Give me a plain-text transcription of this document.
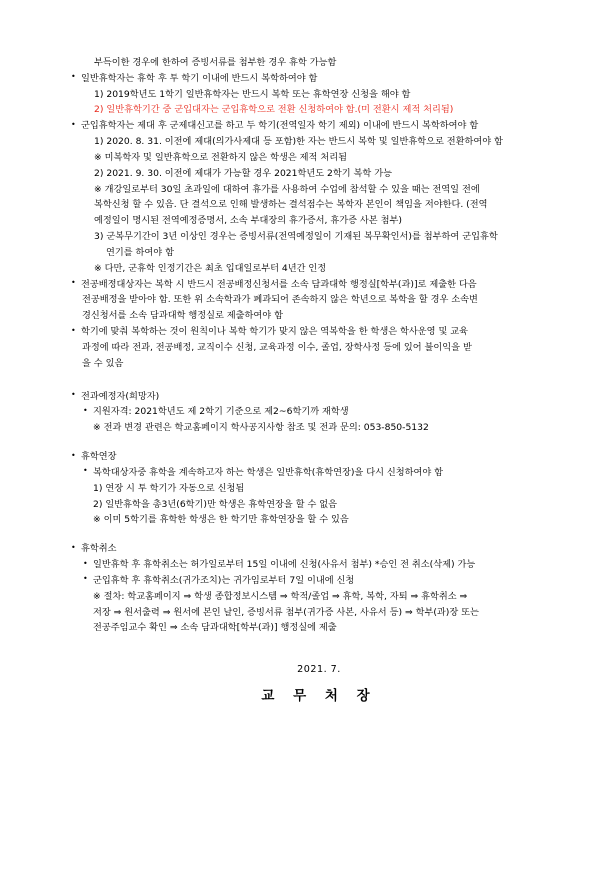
부득이한 경우에 한하여 증빙서류를 첨부한 경우 휴학 가능함
• 일반휴학자는 휴학 후 투 학기 이내에 반드시 복학하여야 함
1) 2019학년도 1학기 일반휴학자는 반드시 복학 또는 휴학연장 신청을 해야 함
2) 일반휴학기간 중 군입대자는 군입휴학으로 전환 신청하여야 함.(미 전환시 제적 처리됨)
• 군입휴학자는 제대 후 군제대신고를 하고 두 학기(전역일자 학기 제외) 이내에 반드시 복학하여야 함
1) 2020. 8. 31. 이전에 제대(의가사제대 등 포함)한 자는 반드시 복학 및 일반휴학으로 전환하여야 함
※ 미복학자 및 일반휴학으로 전환하지 않은 학생은 제적 처리됨
2) 2021. 9. 30. 이전에 제대가 가능할 경우 2021학년도 2학기 복학 가능
※ 개강일로부터 30일 초과일에 대하여 휴가를 사용하여 수업에 참석할 수 있을 때는 전역일 전에
복학신청 할 수 있음. 단 결석으로 인해 발생하는 결석점수는 복학자 본인이 책임을 저야한다. (전역
예정일이 명시된 전역예정증명서, 소속 부대장의 휴가증서, 휴가증 사본 첨부)
3) 군복무기간이 3년 이상인 경우는 증빙서류(전역예정일이 기재된 복무확인서)를 첨부하여 군입휴학
연기를 하여야 함
※ 다만, 군휴학 인정기간은 최초 입대일로부터 4년간 인정
• 전공배정대상자는 복학 시 반드시 전공배정신청서를 소속 담과대학 행정실[학부(과)]로 제출한 다음
전공배정을 받아야 함. 또한 위 소속학과가 폐과되어 존속하지 않은 학년으로 복학을 할 경우 소속변
경신청서를 소속 담과대학 행정실로 제출하여야 함
• 학기에 맞춰 복학하는 것이 원칙이나 복학 학기가 맞지 않은 역복학을 한 학생은 학사운영 및 교육
과정에 따라 전과, 전공배정, 교직이수 신청, 교육과정 이수, 졸업, 장학사정 등에 있어 불이익을 받
을 수 있음
• 전과예정자(희망자)
• 지원자격: 2021학년도 제 2학기 기준으로 제2~6학기까 재학생
※ 전과 변경 관련은 학교홈페이지 학사공지사항 참조 및 전과 문의: 053-850-5132
• 휴학연장
• 복학대상자중 휴학을 계속하고자 하는 학생은 일반휴학(휴학연장)을 다시 신청하여야 함
1) 연장 시 투 학기가 자동으로 신청됨
2) 일반휴학을 총3년(6학기)만 학생은 휴학연장을 할 수 없음
※ 이미 5학기를 휴학한 학생은 한 학기만 휴학연장을 할 수 있음
• 휴학취소
• 일반휴학 후 휴학취소는 허가일로부터 15일 이내에 신청(사유서 첨부) *승인 전 취소(삭제) 가능
• 군입휴학 후 휴학취소(귀가조치)는 귀가임로부터 7일 이내에 신청
※ 절차: 학교홈페이지 ⇒ 학생 종합정보시스템 ⇒ 학적/졸업 ⇒ 휴학, 복학, 자퇴 ⇒ 휴학취소 ⇒
저장 ⇒ 원서출력 ⇒ 원서에 본인 날인, 증빙서류 첨부(귀가증 사본, 사유서 등) ⇒ 학부(과)장 또는
전공주임교수 확인 ⇒ 소속 담과대학[학부(과)] 행정실에 제출
2021. 7.
교 무 처 장
